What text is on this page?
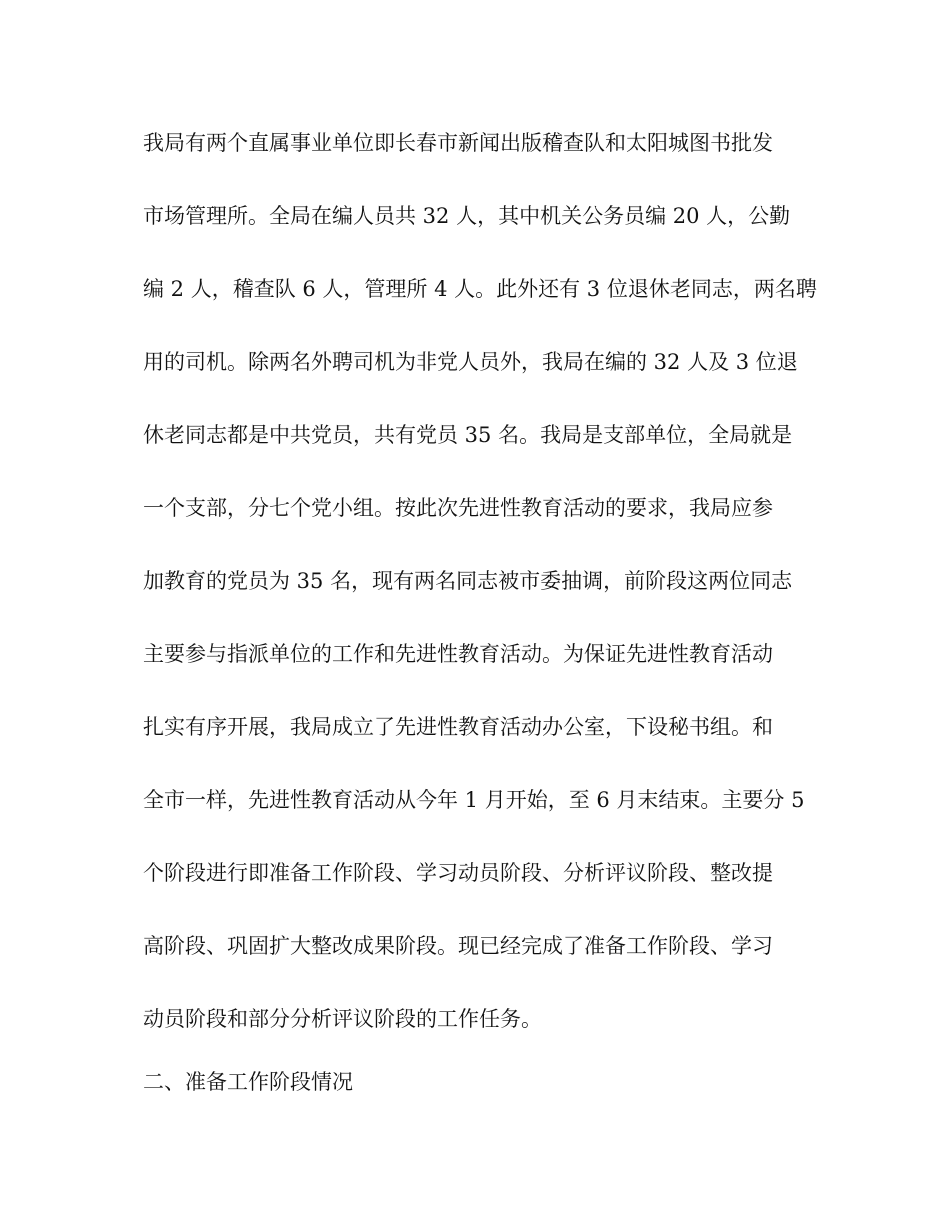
我局有两个直属事业单位即长春市新闻出版稽查队和太阳城图书批发
市场管理所。全局在编人员共 32 人，其中机关公务员编 20 人，公勤
编 2 人，稽查队 6 人，管理所 4 人。此外还有 3 位退休老同志，两名聘
用的司机。除两名外聘司机为非党人员外，我局在编的 32 人及 3 位退
休老同志都是中共党员，共有党员 35 名。我局是支部单位，全局就是
一个支部，分七个党小组。按此次先进性教育活动的要求，我局应参
加教育的党员为 35 名，现有两名同志被市委抽调，前阶段这两位同志
主要参与指派单位的工作和先进性教育活动。为保证先进性教育活动
扎实有序开展，我局成立了先进性教育活动办公室，下设秘书组。和
全市一样，先进性教育活动从今年 1 月开始，至 6 月末结束。主要分 5
个阶段进行即准备工作阶段、学习动员阶段、分析评议阶段、整改提
高阶段、巩固扩大整改成果阶段。现已经完成了准备工作阶段、学习
动员阶段和部分分析评议阶段的工作任务。
二、准备工作阶段情况
